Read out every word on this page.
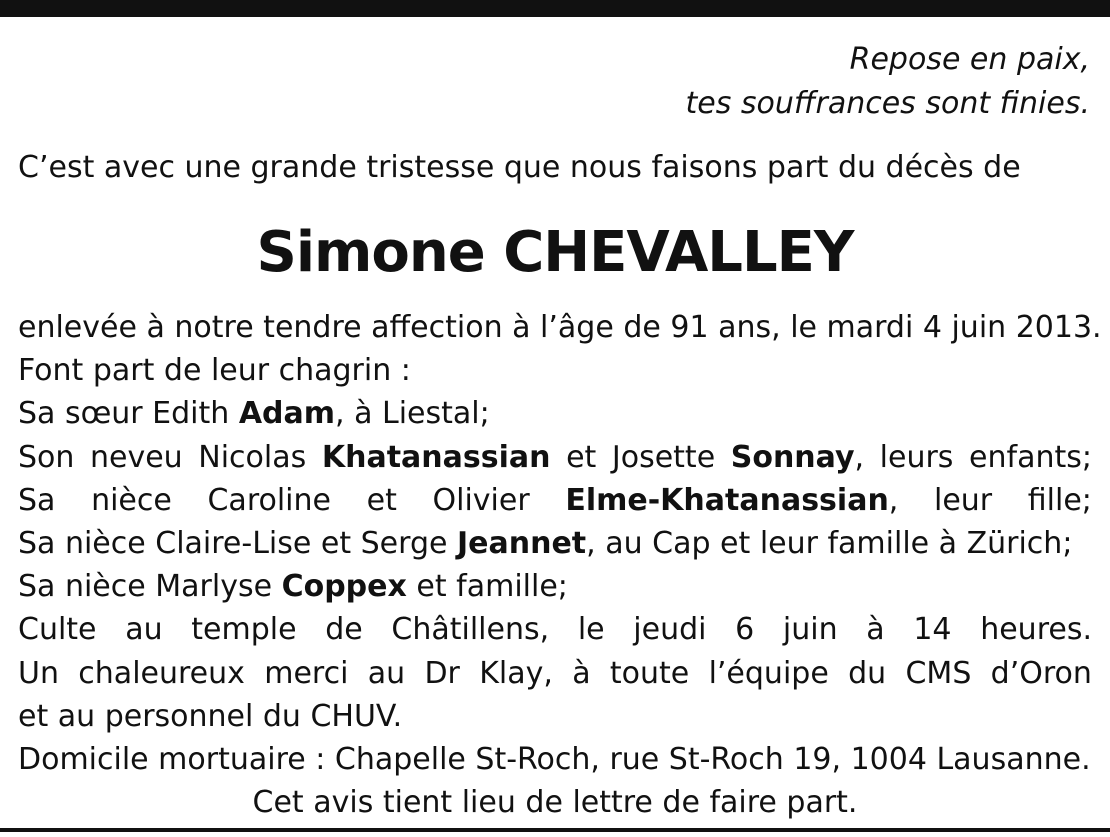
Repose en paix,
tes souffrances sont finies.
C’est avec une grande tristesse que nous faisons part du décès de
Simone CHEVALLEY
enlevée à notre tendre affection à l’âge de 91 ans, le mardi 4 juin 2013.
Font part de leur chagrin :
Sa sœur Edith Adam, à Liestal;
Son neveu Nicolas Khatanassian et Josette Sonnay, leurs enfants;
Sa nièce Caroline et Olivier Elme-Khatanassian, leur fille;
Sa nièce Claire-Lise et Serge Jeannet, au Cap et leur famille à Zürich;
Sa nièce Marlyse Coppex et famille;
Culte au temple de Châtillens, le jeudi 6 juin à 14 heures.
Un chaleureux merci au Dr Klay, à toute l’équipe du CMS d’Oron
et au personnel du CHUV.
Domicile mortuaire : Chapelle St-Roch, rue St-Roch 19, 1004 Lausanne.
Cet avis tient lieu de lettre de faire part.
